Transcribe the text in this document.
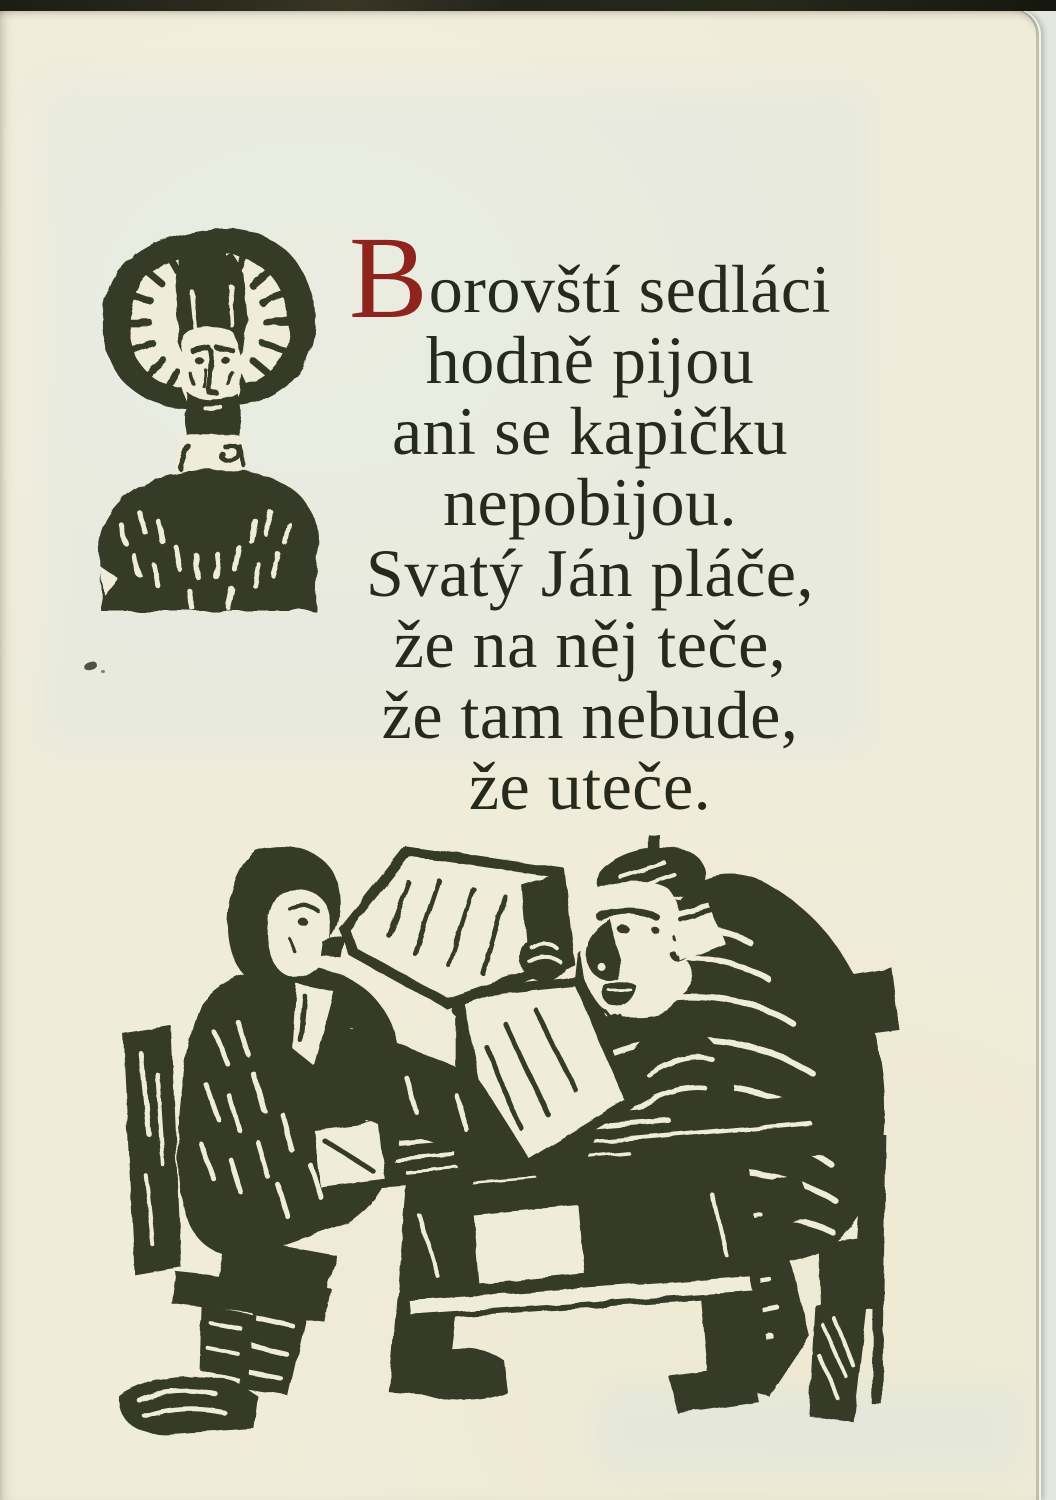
Borovští sedláci
hodně pijou
ani se kapičku
nepobijou.
Svatý Ján pláče,
že na něj teče,
že tam nebude,
že uteče.
